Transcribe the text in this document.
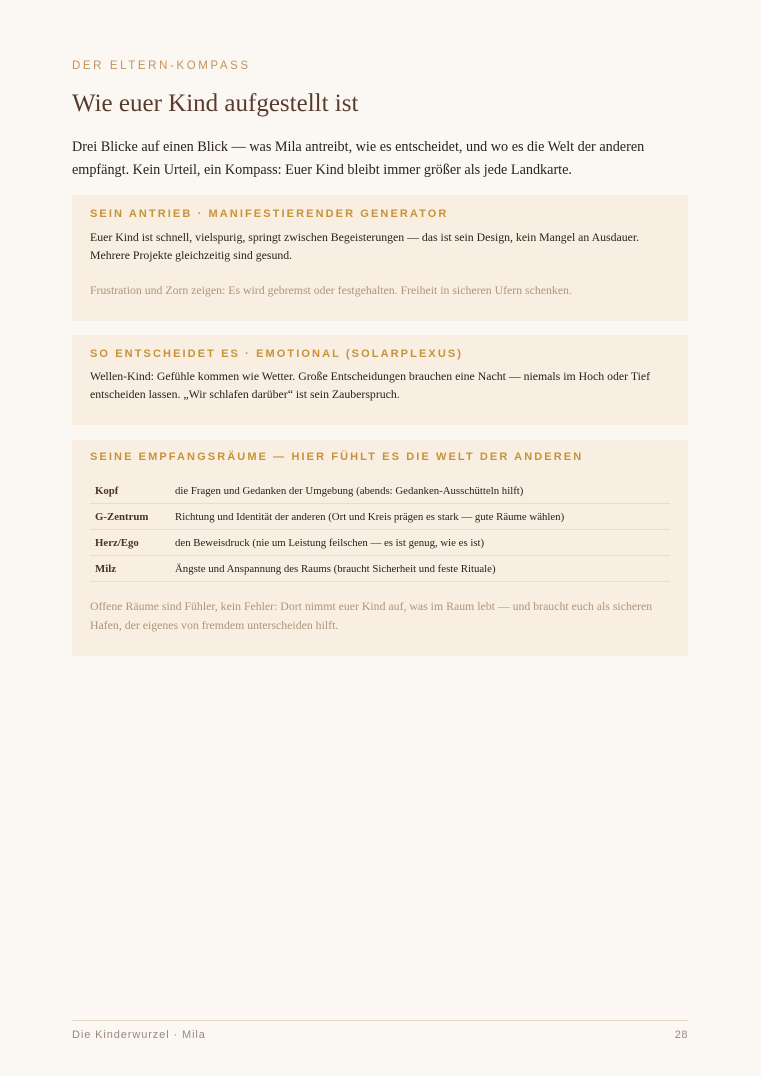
DER ELTERN-KOMPASS
Wie euer Kind aufgestellt ist

Drei Blicke auf einen Blick — was Mila antreibt, wie es entscheidet, und wo es die Welt der anderen empfängt. Kein Urteil, ein Kompass: Euer Kind bleibt immer größer als jede Landkarte.

SEIN ANTRIEB · MANIFESTIERENDER GENERATOR

Euer Kind ist schnell, vielspurig, springt zwischen Begeisterungen — das ist sein Design, kein Mangel an Ausdauer. Mehrere Projekte gleichzeitig sind gesund.

Frustration und Zorn zeigen: Es wird gebremst oder festgehalten. Freiheit in sicheren Ufern schenken.

SO ENTSCHEIDET ES · EMOTIONAL (SOLARPLEXUS)

Wellen-Kind: Gefühle kommen wie Wetter. Große Entscheidungen brauchen eine Nacht — niemals im Hoch oder Tief entscheiden lassen. „Wir schlafen darüber“ ist sein Zauberspruch.

SEINE EMPFANGSRÄUME — HIER FÜHLT ES DIE WELT DER ANDEREN
Kopf	die Fragen und Gedanken der Umgebung (abends: Gedanken-Ausschütteln hilft)
G-Zentrum	Richtung und Identität der anderen (Ort und Kreis prägen es stark — gute Räume wählen)
Herz/Ego	den Beweisdruck (nie um Leistung feilschen — es ist genug, wie es ist)
Milz	Ängste und Anspannung des Raums (braucht Sicherheit und feste Rituale)

Offene Räume sind Fühler, kein Fehler: Dort nimmt euer Kind auf, was im Raum lebt — und braucht euch als sicheren Hafen, der eigenes von fremdem unterscheiden hilft.

Die Kinderwurzel · Mila	28
